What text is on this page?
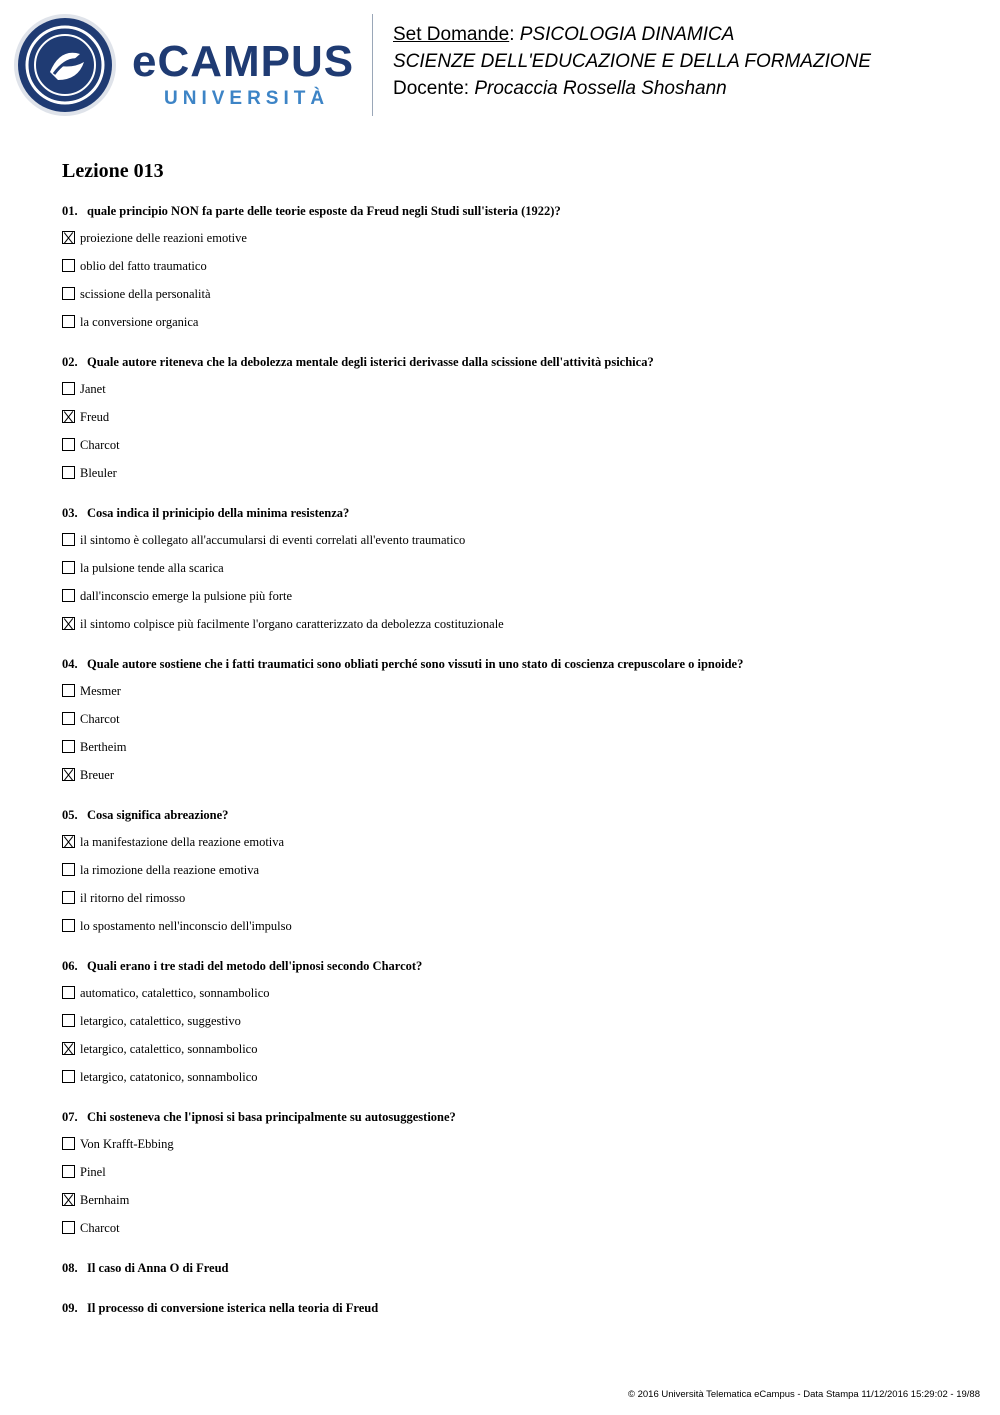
eCAMPUS
UNIVERSITÀ
Set Domande: PSICOLOGIA DINAMICA
SCIENZE DELL'EDUCAZIONE E DELLA FORMAZIONE
Docente: Procaccia Rossella Shoshann
Lezione 013
01. quale principio NON fa parte delle teorie esposte da Freud negli Studi sull'isteria (1922)?
proiezione delle reazioni emotive
oblio del fatto traumatico
scissione della personalità
la conversione organica
02. Quale autore riteneva che la debolezza mentale degli isterici derivasse dalla scissione dell'attività psichica?
Janet
Freud
Charcot
Bleuler
03. Cosa indica il prinicipio della minima resistenza?
il sintomo è collegato all'accumularsi di eventi correlati all'evento traumatico
la pulsione tende alla scarica
dall'inconscio emerge la pulsione più forte
il sintomo colpisce più facilmente l'organo caratterizzato da debolezza costituzionale
04. Quale autore sostiene che i fatti traumatici sono obliati perché sono vissuti in uno stato di coscienza crepuscolare o ipnoide?
Mesmer
Charcot
Bertheim
Breuer
05. Cosa significa abreazione?
la manifestazione della reazione emotiva
la rimozione della reazione emotiva
il ritorno del rimosso
lo spostamento nell'inconscio dell'impulso
06. Quali erano i tre stadi del metodo dell'ipnosi secondo Charcot?
automatico, catalettico, sonnambolico
letargico, catalettico, suggestivo
letargico, catalettico, sonnambolico
letargico, catatonico, sonnambolico
07. Chi sosteneva che l'ipnosi si basa principalmente su autosuggestione?
Von Krafft-Ebbing
Pinel
Bernhaim
Charcot
08. Il caso di Anna O di Freud
09. Il processo di conversione isterica nella teoria di Freud
© 2016 Università Telematica eCampus - Data Stampa 11/12/2016 15:29:02 - 19/88
